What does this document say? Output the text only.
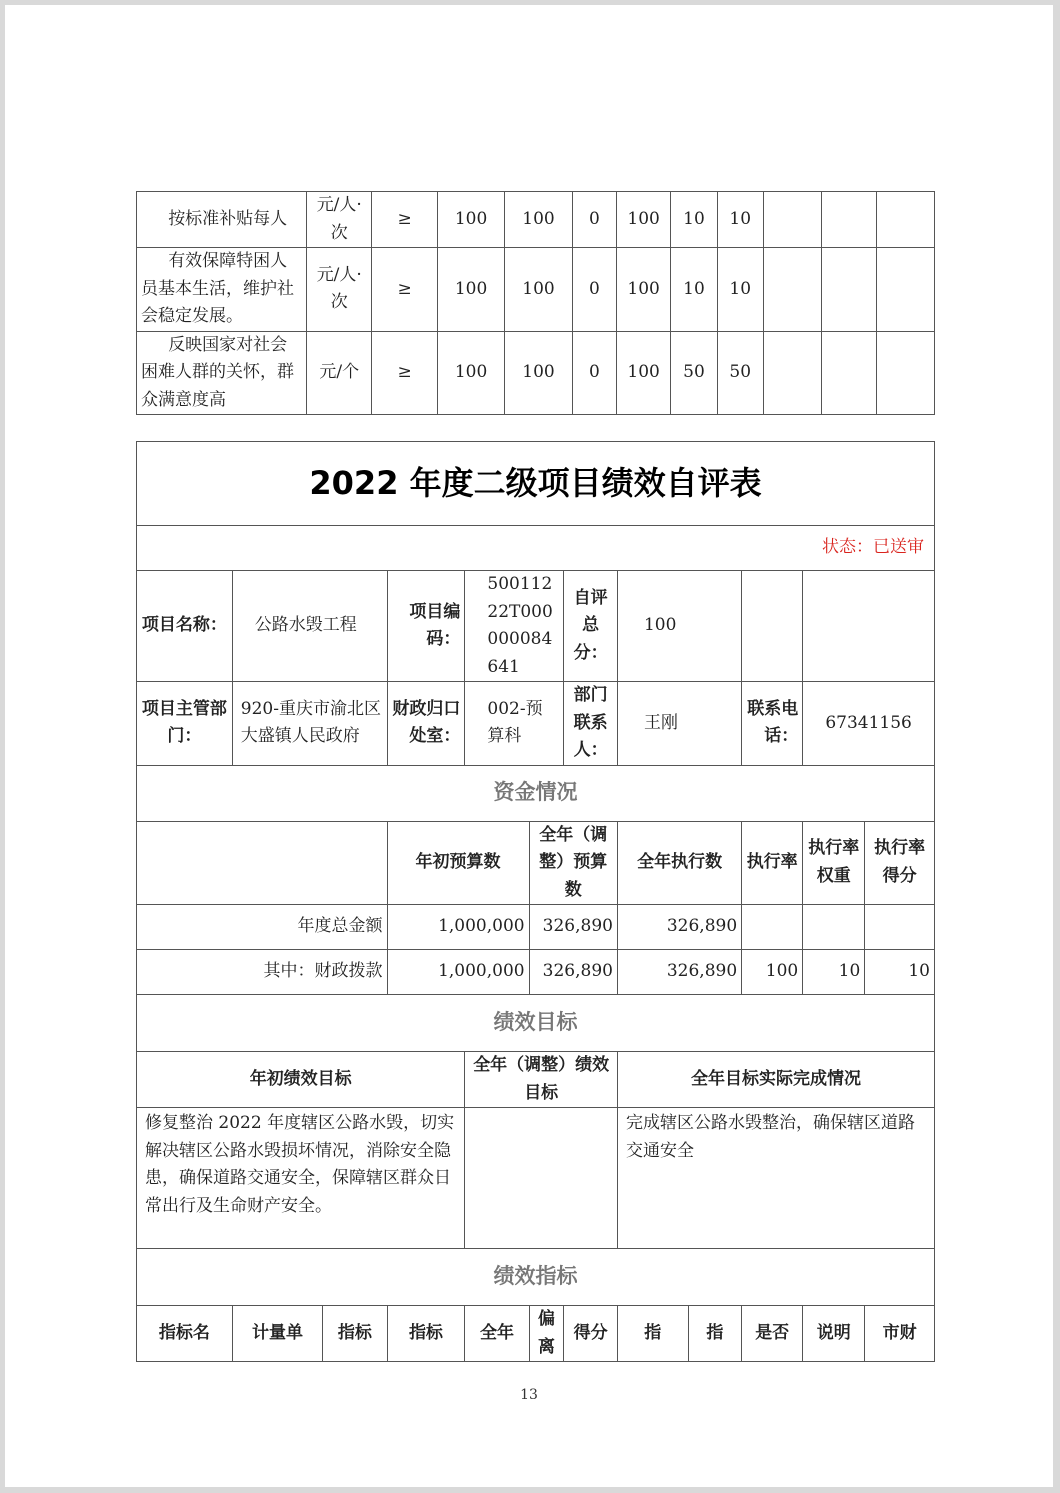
按标准补贴每人	元/人·次	≥	100	100	0	100	10	10			
有效保障特困人员基本生活，维护社会稳定发展。	元/人·次	≥	100	100	0	100	10	10			
反映国家对社会困难人群的关怀，群众满意度高	元/个	≥	100	100	0	100	50	50			
2022 年度二级项目绩效自评表											
状态：已送审											
项目名称：	公路水毁工程		项目编码：	50011222T000000084641		自评总分：	100				
项目主管部门：	920-重庆市渝北区大盛镇人民政府		财政归口处室：	002-预算科		部门联系人：	王刚		联系电话：	67341156	
资金情况											
			年初预算数		全年（调整）预算数		全年执行数		执行率	执行率权重	执行率得分
年度总金额			1,000,000		326,890		326,890				
其中：财政拨款			1,000,000		326,890		326,890		100	10	10
绩效目标											
年初绩效目标				全年（调整）绩效目标			全年目标实际完成情况				
修复整治 2022 年度辖区公路水毁，切实解决辖区公路水毁损坏情况，消除安全隐患，确保道路交通安全，保障辖区群众日常出行及生命财产安全。							完成辖区公路水毁整治，确保辖区道路交通安全				
绩效指标											
指标名	计量单	指标	指标	全年	偏离	得分	指	指	是否	说明	市财
13
